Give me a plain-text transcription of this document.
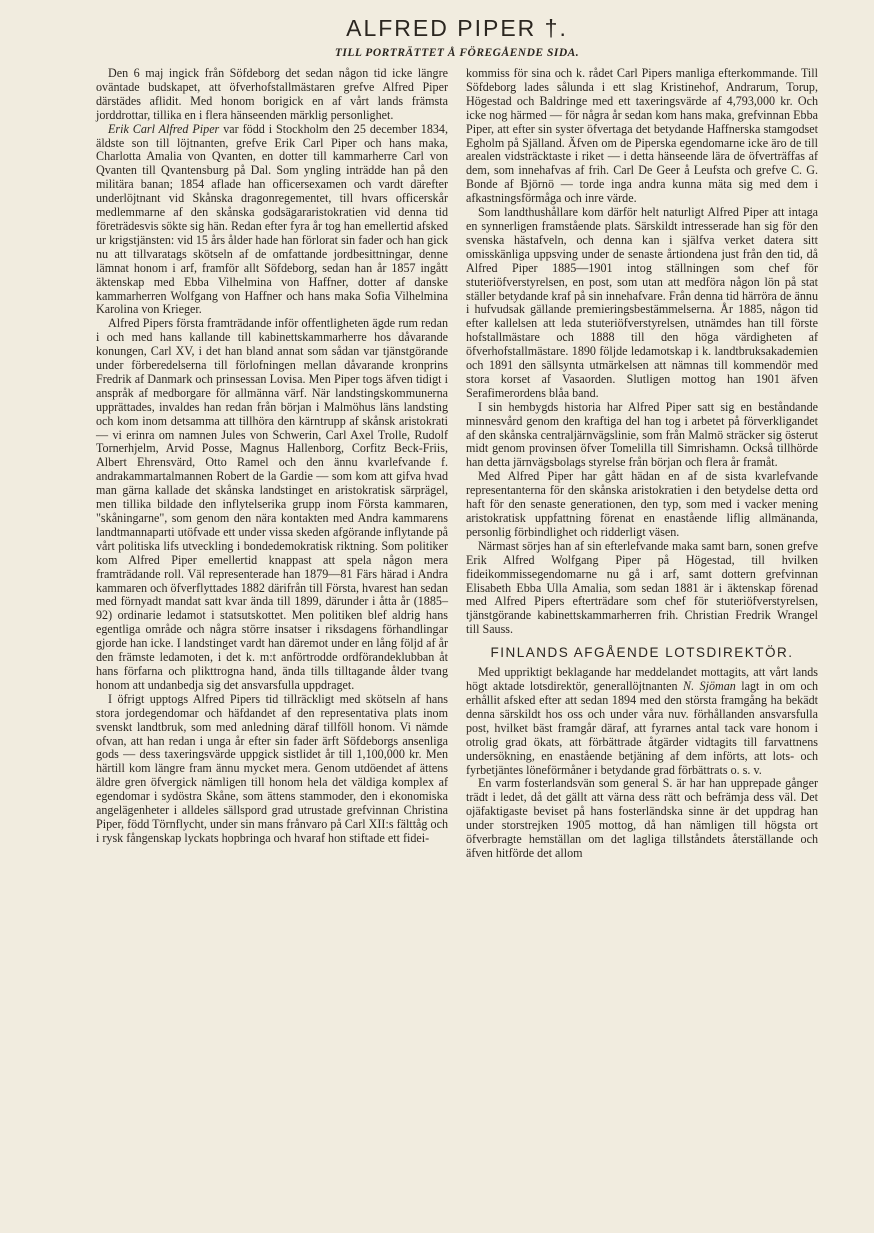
ALFRED PIPER †.
TILL PORTRÄTTET Å FÖREGÅENDE SIDA.

Den 6 maj ingick från Söfdeborg det sedan någon tid icke längre oväntade budskapet, att öfverhofstallmästaren grefve Alfred Piper därstädes aflidit. Med honom borigick en af vårt lands främsta jorddrottar, tillika en i flera hänseenden märklig personlighet.

Erik Carl Alfred Piper var född i Stockholm den 25 december 1834, äldste son till löjtnanten, grefve Erik Carl Piper och hans maka, Charlotta Amalia von Qvanten, en dotter till kammarherre Carl von Qvanten till Qvantensburg på Dal. Som yngling inträdde han på den militära banan; 1854 aflade han officersexamen och vardt därefter underlöjtnant vid Skånska dragonregementet, till hvars officerskår medlemmarne af den skånska godsägararistokratien vid denna tid företrädesvis sökte sig hän. Redan efter fyra år tog han emellertid afsked ur krigstjänsten: vid 15 års ålder hade han förlorat sin fader och han gick nu att tillvaratags skötseln af de omfattande jordbesittningar, denne lämnat honom i arf, framför allt Söfdeborg, sedan han år 1857 ingått äktenskap med Ebba Vilhelmina von Haffner, dotter af danske kammarherren Wolfgang von Haffner och hans maka Sofia Vilhelmina Karolina von Krieger.

Alfred Pipers första framträdande inför offentligheten ägde rum redan i och med hans kallande till kabinettskammarherre hos dåvarande konungen, Carl XV, i det han bland annat som sådan var tjänstgörande under förberedelserna till förlofningen mellan dåvarande kronprins Fredrik af Danmark och prinsessan Lovisa. Men Piper togs äfven tidigt i anspråk af medborgare för allmänna värf. När landstingskommunerna upprättades, invaldes han redan från början i Malmöhus läns landsting och kom inom detsamma att tillhöra den kärntrupp af skånsk aristokrati — vi erinra om namnen Jules von Schwerin, Carl Axel Trolle, Rudolf Tornerhjelm, Arvid Posse, Magnus Hallenborg, Corfitz Beck-Friis, Albert Ehrensvärd, Otto Ramel och den ännu kvarlefvande f. andrakammartalmannen Robert de la Gardie — som kom att gifva hvad man gärna kallade det skånska landstinget en aristokratisk särprägel, men tillika bildade den inflytelserika grupp inom Första kammaren, "skåningarne", som genom den nära kontakten med Andra kammarens landtmannaparti utöfvade ett under vissa skeden afgörande inflytande på vårt politiska lifs utveckling i bondedemokratisk riktning. Som politiker kom Alfred Piper emellertid knappast att spela någon mera framträdande roll. Väl representerade han 1879—81 Färs härad i Andra kammaren och öfverflyttades 1882 därifrån till Första, hvarest han sedan med förnyadt mandat satt kvar ända till 1899, därunder i åtta år (1885–92) ordinarie ledamot i statsutskottet. Men politiken blef aldrig hans egentliga område och några större insatser i riksdagens förhandlingar gjorde han icke. I landstinget vardt han däremot under en lång följd af år den främste ledamoten, i det k. m:t anförtrodde ordförandeklubban åt hans förfarna och plikttrogna hand, ända tills tilltagande ålder tvang honom att undanbedja sig det ansvarsfulla uppdraget.

I öfrigt upptogs Alfred Pipers tid tillräckligt med skötseln af hans stora jordegendomar och häfdandet af den representativa plats inom svenskt landtbruk, som med anledning däraf tillföll honom. Vi nämde ofvan, att han redan i unga år efter sin fader ärft Söfdeborgs ansenliga gods — dess taxeringsvärde uppgick sistlidet år till 1,100,000 kr. Men härtill kom längre fram ännu mycket mera. Genom utdöendet af ättens äldre gren öfvergick nämligen till honom hela det väldiga komplex af egendomar i sydöstra Skåne, som ättens stammoder, den i ekonomiska angelägenheter i alldeles sällspord grad utrustade grefvinnan Christina Piper, född Törnflycht, under sin mans frånvaro på Carl XII:s fälttåg och i rysk fångenskap lyckats hopbringa och hvaraf hon stiftade ett fidei-

kommiss för sina och k. rådet Carl Pipers manliga efterkommande. Till Söfdeborg lades sålunda i ett slag Kristinehof, Andrarum, Torup, Högestad och Baldringe med ett taxeringsvärde af 4,793,000 kr. Och icke nog härmed — för några år sedan kom hans maka, grefvinnan Ebba Piper, att efter sin syster öfvertaga det betydande Haffnerska stamgodset Egholm på Själland. Äfven om de Piperska egendomarne icke äro de till arealen vidsträcktaste i riket — i detta hänseende lära de öfverträffas af dem, som innehafvas af frih. Carl De Geer å Leufsta och grefve C. G. Bonde af Björnö — torde inga andra kunna mäta sig med dem i afkastningsförmåga och inre värde.

Som landthushållare kom därför helt naturligt Alfred Piper att intaga en synnerligen framstående plats. Särskildt intresserade han sig för den svenska hästafveln, och denna kan i själfva verket datera sitt omisskänliga uppsving under de senaste årtiondena just från den tid, då Alfred Piper 1885—1901 intog ställningen som chef för stuteriöfverstyrelsen, en post, som utan att medföra någon lön på stat ställer betydande kraf på sin innehafvare. Från denna tid härröra de ännu i hufvudsak gällande premieringsbestämmelserna. År 1885, någon tid efter kallelsen att leda stuteriöfverstyrelsen, utnämdes han till förste hofstallmästare och 1888 till den höga värdigheten af öfverhofstallmästare. 1890 följde ledamotskap i k. landtbruksakademien och 1891 den sällsynta utmärkelsen att nämnas till kommendör med stora korset af Vasaorden. Slutligen mottog han 1901 äfven Serafimerordens blåa band.

I sin hembygds historia har Alfred Piper satt sig en beståndande minnesvård genom den kraftiga del han tog i arbetet på förverkligandet af den skånska centraljärnvägslinie, som från Malmö sträcker sig österut midt genom provinsen öfver Tomelilla till Simrishamn. Också tillhörde han detta järnvägsbolags styrelse från början och flera år framåt.

Med Alfred Piper har gått hädan en af de sista kvarlefvande representanterna för den skånska aristokratien i den betydelse detta ord haft för den senaste generationen, den typ, som med i vacker mening aristokratisk uppfattning förenat en enastående liflig allmänanda, personlig förbindlighet och ridderligt väsen.

Närmast sörjes han af sin efterlefvande maka samt barn, sonen grefve Erik Alfred Wolfgang Piper på Högestad, till hvilken fideikommissegendomarne nu gå i arf, samt dottern grefvinnan Elisabeth Ebba Ulla Amalia, som sedan 1881 är i äktenskap förenad med Alfred Pipers efterträdare som chef för stuteriöfverstyrelsen, tjänstgörande kabinettskammarherren frih. Christian Fredrik Wrangel till Sauss.

FINLANDS AFGÅENDE LOTSDIREKTÖR.

Med uppriktigt beklagande har meddelandet mottagits, att vårt lands högt aktade lotsdirektör, generallöjtnanten N. Sjöman lagt in om och erhållit afsked efter att sedan 1894 med den största framgång ha bekädt denna särskildt hos oss och under våra nuv. förhållanden ansvarsfulla post, hvilket bäst framgår däraf, att fyrarnes antal tack vare honom i otrolig grad ökats, att förbättrade åtgärder vidtagits till farvattnens undersökning, en enastående betjäning af dem införts, att lots- och fyrbetjäntes löneförmåner i betydande grad förbättrats o. s. v.

En varm fosterlandsvän som general S. är har han upprepade gånger trädt i ledet, då det gällt att värna dess rätt och befrämja dess väl. Det ojäfaktigaste beviset på hans fosterländska sinne är det uppdrag han under storstrejken 1905 mottog, då han nämligen till högsta ort öfverbragte hemställan om det lagliga tillståndets återställande och äfven hitförde det allom
